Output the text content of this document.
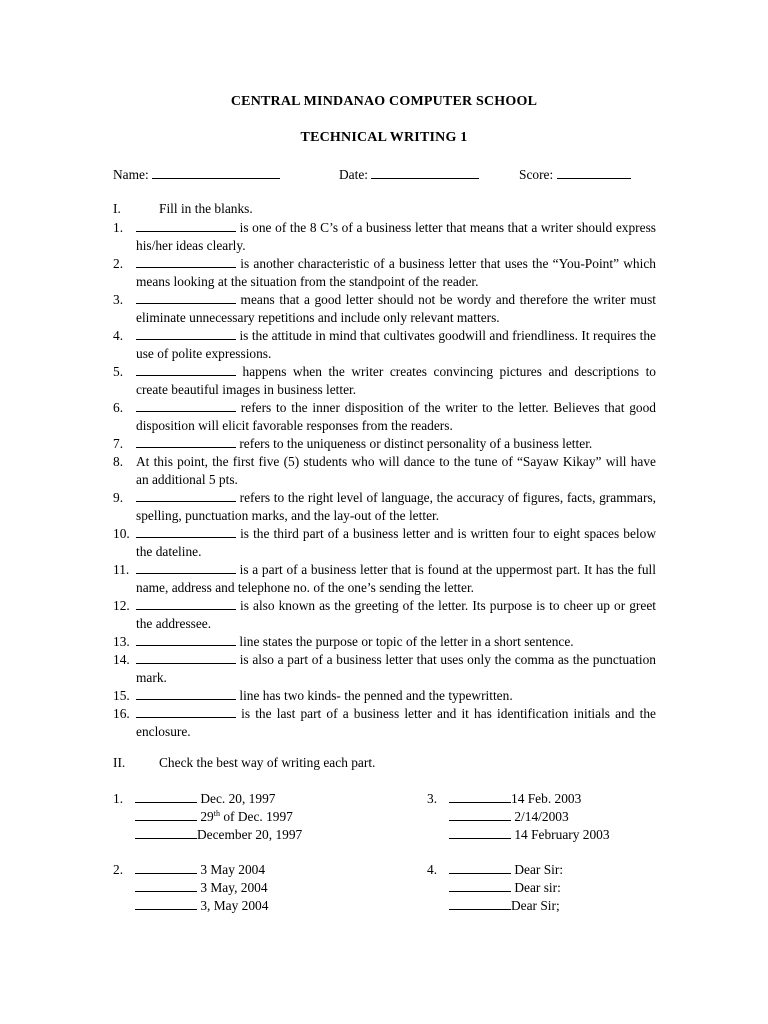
CENTRAL MINDANAO COMPUTER SCHOOL
TECHNICAL WRITING 1
Name:	Date:	Score:
I.	Fill in the blanks.
1.	is one of the 8 C’s of a business letter that means that a writer should express his/her ideas clearly.
2.	is another characteristic of a business letter that uses the “You-Point” which means looking at the situation from the standpoint of the reader.
3.	means that a good letter should not be wordy and therefore the writer must eliminate unnecessary repetitions and include only relevant matters.
4.	is the attitude in mind that cultivates goodwill and friendliness. It requires the use of polite expressions.
5.	happens when the writer creates convincing pictures and descriptions to create beautiful images in business letter.
6.	refers to the inner disposition of the writer to the letter. Believes that good disposition will elicit favorable responses from the readers.
7.	refers to the uniqueness or distinct personality of a business letter.
8. At this point, the first five (5) students who will dance to the tune of “Sayaw Kikay” will have an additional 5 pts.
9.	refers to the right level of language, the accuracy of figures, facts, grammars, spelling, punctuation marks, and the lay-out of the letter.
10.	is the third part of a business letter and is written four to eight spaces below the dateline.
11.	is a part of a business letter that is found at the uppermost part. It has the full name, address and telephone no. of the one’s sending the letter.
12.	is also known as the greeting of the letter. Its purpose is to cheer up or greet the addressee.
13.	line states the purpose or topic of the letter in a short sentence.
14.	is also a part of a business letter that uses only the comma as the punctuation mark.
15.	line has two kinds- the penned and the typewritten.
16.	is the last part of a business letter and it has identification initials and the enclosure.
II.	Check the best way of writing each part.
1.	Dec. 20, 1997
29th of Dec. 1997
December 20, 1997
2.	3 May 2004
3 May, 2004
3, May 2004
3.	14 Feb. 2003
2/14/2003
14 February 2003
4.	Dear Sir:
Dear sir:
Dear Sir;
